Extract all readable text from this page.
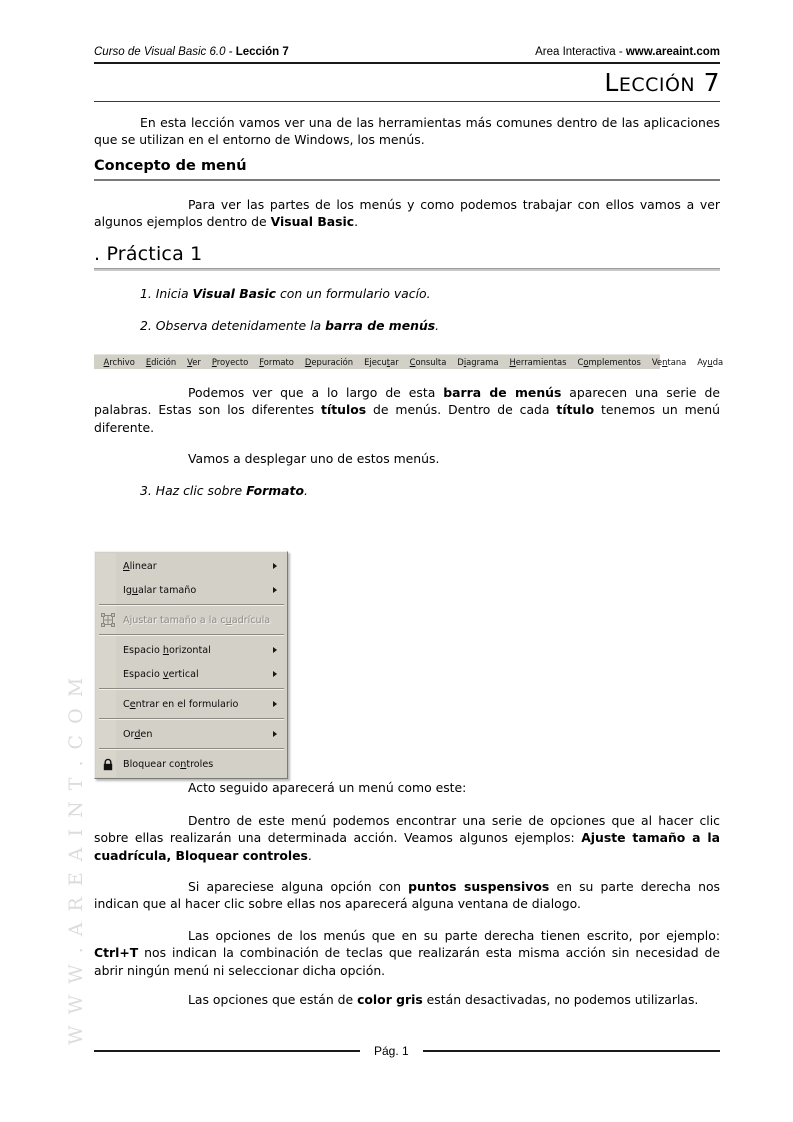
W W W . A R E A I N T . C O M
Curso de Visual Basic 6.0 - Lección 7	Area Interactiva - www.areaint.com
LECCIÓN 7
En esta lección vamos ver una de las herramientas más comunes dentro de las aplicaciones que se utilizan en el entorno de Windows, los menús.
Concepto de menú
Para ver las partes de los menús y como podemos trabajar con ellos vamos a ver algunos ejemplos dentro de Visual Basic.
. Práctica 1
1. Inicia Visual Basic con un formulario vacío.
2. Observa detenidamente la barra de menús.
Archivo	Edición	Ver	Proyecto	Formato	Depuración	Ejecutar	Consulta	Diagrama	Herramientas	Complementos	Ventana	Ayuda
Podemos ver que a lo largo de esta barra de menús aparecen una serie de palabras. Estas son los diferentes títulos de menús. Dentro de cada título tenemos un menú diferente.
Vamos a desplegar uno de estos menús.
3. Haz clic sobre Formato.
Alinear
Igualar tamaño
Ajustar tamaño a la cuadrícula
Espacio horizontal
Espacio vertical
Centrar en el formulario
Orden
Bloquear controles
Acto seguido aparecerá un menú como este:
Dentro de este menú podemos encontrar una serie de opciones que al hacer clic sobre ellas realizarán una determinada acción. Veamos algunos ejemplos: Ajuste tamaño a la cuadrícula, Bloquear controles.
Si apareciese alguna opción con puntos suspensivos en su parte derecha nos indican que al hacer clic sobre ellas nos aparecerá alguna ventana de dialogo.
Las opciones de los menús que en su parte derecha tienen escrito, por ejemplo: Ctrl+T nos indican la combinación de teclas que realizarán esta misma acción sin necesidad de abrir ningún menú ni seleccionar dicha opción.
Las opciones que están de color gris están desactivadas, no podemos utilizarlas.
Pág. 1
